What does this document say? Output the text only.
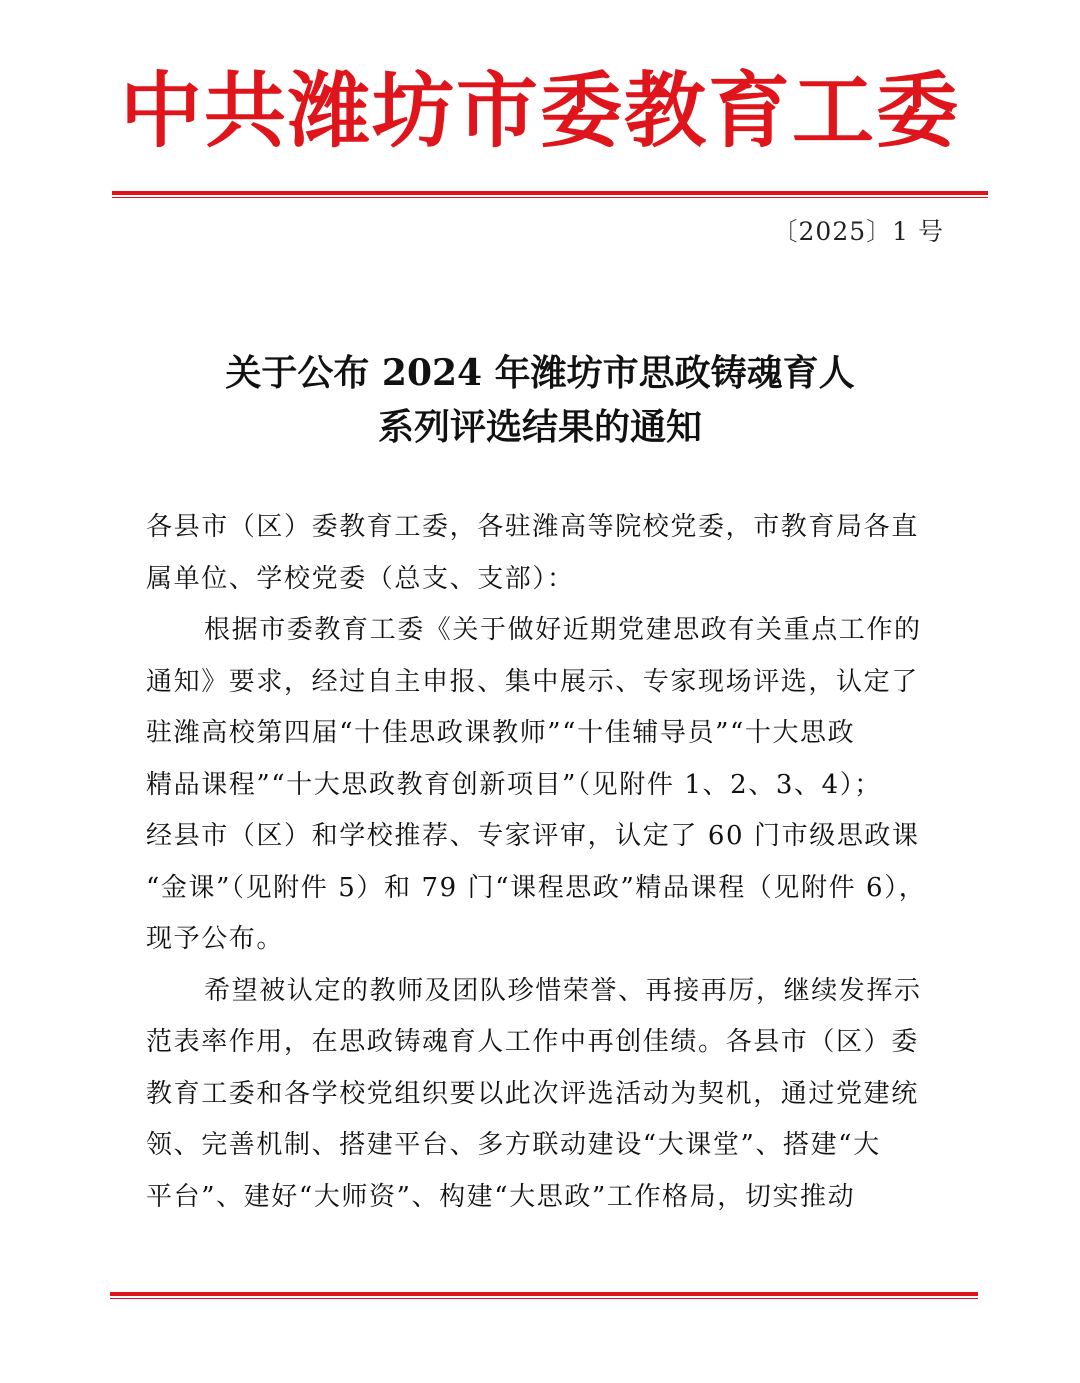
中共潍坊市委教育工委
〔2025〕1 号
关于公布 2024 年潍坊市思政铸魂育人
系列评选结果的通知
各县市（区）委教育工委，各驻潍高等院校党委，市教育局各直
属单位、学校党委（总支、支部）：
根据市委教育工委《关于做好近期党建思政有关重点工作的
通知》要求，经过自主申报、集中展示、专家现场评选，认定了
驻潍高校第四届“十佳思政课教师”“十佳辅导员”“十大思政
精品课程”“十大思政教育创新项目”（见附件 1、2、3、4）；
经县市（区）和学校推荐、专家评审，认定了 60 门市级思政课
“金课”（见附件 5）和 79 门“课程思政”精品课程（见附件 6），
现予公布。
希望被认定的教师及团队珍惜荣誉、再接再厉，继续发挥示
范表率作用，在思政铸魂育人工作中再创佳绩。各县市（区）委
教育工委和各学校党组织要以此次评选活动为契机，通过党建统
领、完善机制、搭建平台、多方联动建设“大课堂”、搭建“大
平台”、建好“大师资”、构建“大思政”工作格局，切实推动
